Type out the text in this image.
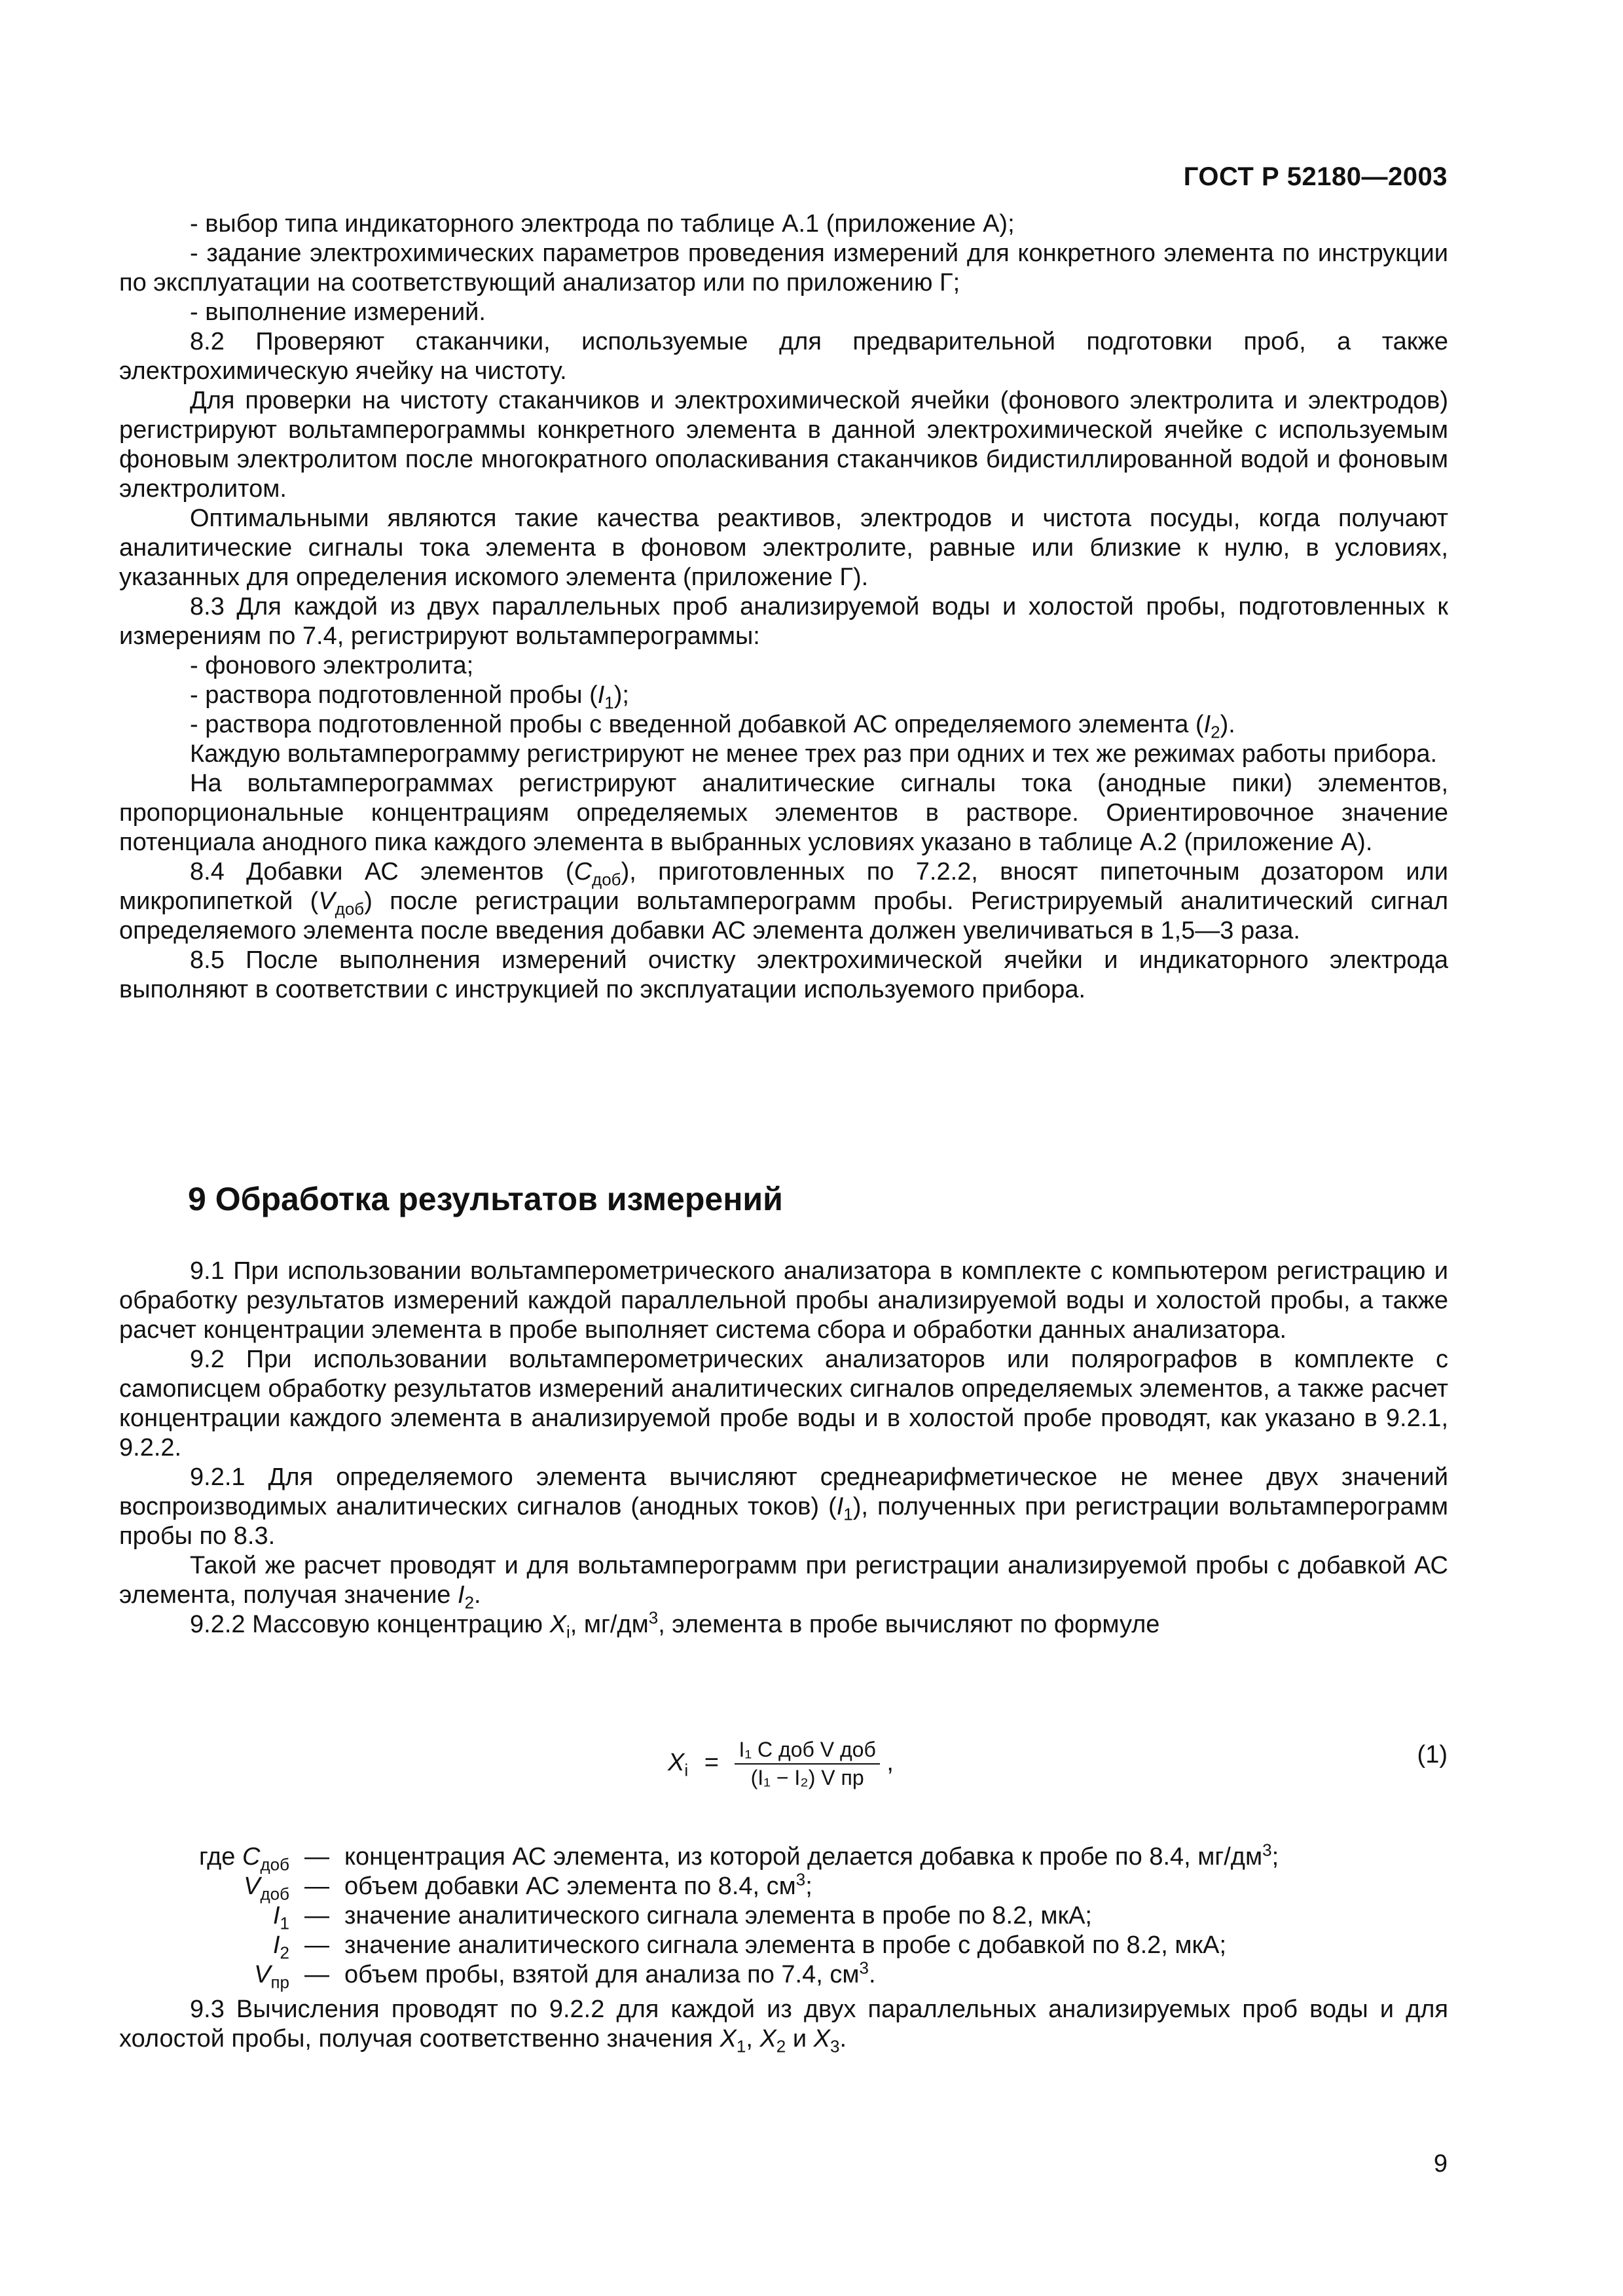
ГОСТ Р 52180—2003

- выбор типа индикаторного электрода по таблице А.1 (приложение А);

- задание электрохимических параметров проведения измерений для конкретного элемента по инструкции по эксплуатации на соответствующий анализатор или по приложению Г;

- выполнение измерений.

8.2 Проверяют стаканчики, используемые для предварительной подготовки проб, а также электрохимическую ячейку на чистоту.

Для проверки на чистоту стаканчиков и электрохимической ячейки (фонового электролита и электродов) регистрируют вольтамперограммы конкретного элемента в данной электрохимической ячейке с используемым фоновым электролитом после многократного ополаскивания стаканчиков бидистиллированной водой и фоновым электролитом.

Оптимальными являются такие качества реактивов, электродов и чистота посуды, когда получают аналитические сигналы тока элемента в фоновом электролите, равные или близкие к нулю, в условиях, указанных для определения искомого элемента (приложение Г).

8.3 Для каждой из двух параллельных проб анализируемой воды и холостой пробы, подготовленных к измерениям по 7.4, регистрируют вольтамперограммы:

- фонового электролита;

- раствора подготовленной пробы $(I_1)$;

- раствора подготовленной пробы с введенной добавкой АС определяемого элемента $(I_2)$.

Каждую вольтамперограмму регистрируют не менее трех раз при одних и тех же режимах работы прибора.

На вольтамперограммах регистрируют аналитические сигналы тока (анодные пики) элементов, пропорциональные концентрациям определяемых элементов в растворе. Ориентировочное значение потенциала анодного пика каждого элемента в выбранных условиях указано в таблице А.2 (приложение А).

8.4 Добавки АС элементов $(C_{доб})$, приготовленных по 7.2.2, вносят пипеточным дозатором или микропипеткой $(V_{доб})$ после регистрации вольтамперограмм пробы. Регистрируемый аналитический сигнал определяемого элемента после введения добавки АС элемента должен увеличиваться в 1,5—3 раза.

8.5 После выполнения измерений очистку электрохимической ячейки и индикаторного электрода выполняют в соответствии с инструкцией по эксплуатации используемого прибора.

9 Обработка результатов измерений

9.1 При использовании вольтамперометрического анализатора в комплекте с компьютером регистрацию и обработку результатов измерений каждой параллельной пробы анализируемой воды и холостой пробы, а также расчет концентрации элемента в пробе выполняет система сбора и обработки данных анализатора.

9.2 При использовании вольтамперометрических анализаторов или полярографов в комплекте с самописцем обработку результатов измерений аналитических сигналов определяемых элементов, а также расчет концентрации каждого элемента в анализируемой пробе воды и в холостой пробе проводят, как указано в 9.2.1, 9.2.2.

9.2.1 Для определяемого элемента вычисляют среднеарифметическое не менее двух значений воспроизводимых аналитических сигналов (анодных токов) $(I_1)$, полученных при регистрации вольтамперограмм пробы по 8.3.

Такой же расчет проводят и для вольтамперограмм при регистрации анализируемой пробы с добавкой АС элемента, получая значение $I_2$.

9.2.2 Массовую концентрацию $X_i$, $мг/дм^3$, элемента в пробе вычисляют по формуле

$X_i = \frac{\text{I₁ C доб V доб}}{\text{(I₁ − I₂) V пр}}$ ,	(1)
где $C_{доб}$ — концентрация АС элемента, из которой делается добавка к пробе по 8.4, $мг/дм^3$;
$V_{доб}$ — объем добавки АС элемента по 8.4, $см^3$;
$I_1$ — значение аналитического сигнала элемента в пробе по 8.2, мкА;
$I_2$ — значение аналитического сигнала элемента в пробе с добавкой по 8.2, мкА;
$V_{пр}$ — объем пробы, взятой для анализа по 7.4, $см^3$.

9.3 Вычисления проводят по 9.2.2 для каждой из двух параллельных анализируемых проб воды и для холостой пробы, получая соответственно значения $X_1$, $X_2$ и $X_3$.

9
